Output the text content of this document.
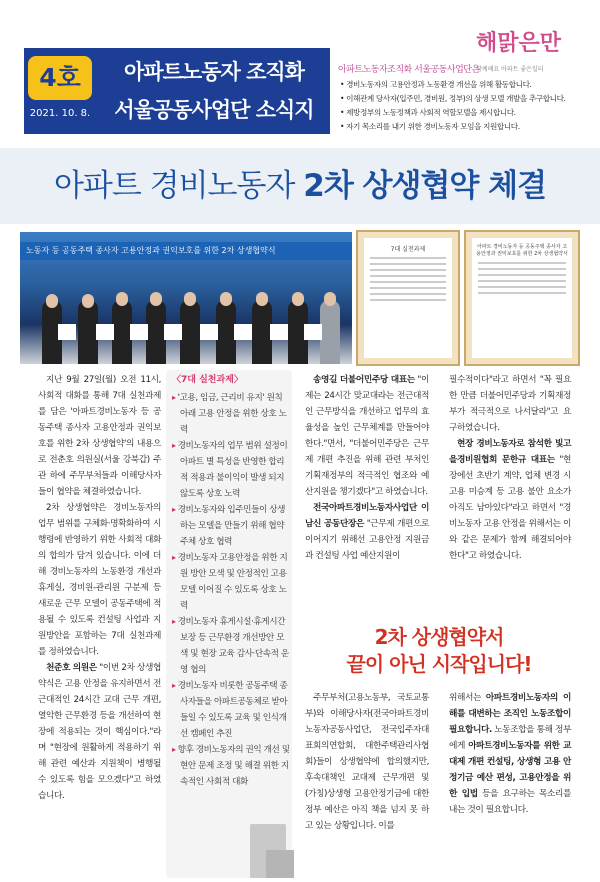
4호
2021. 10. 8.
아파트노동자 조직화
서울공동사업단 소식지
아파트노동자조직화 서울공동사업단은
해맑은만
함께해요 아파트 좋은일터
• 경비노동자의 고용안정과 노동환경 개선을 위해 활동합니다.
• 이해관계 당사자(입주민, 경비원, 정부)의 상생 모델 개발을 추구합니다.
• 제방정부의 노동정책과 사회적 역할모델을 제시합니다.
• 자기 목소리를 내기 위한 경비노동자 모임을 지원합니다.
아파트 경비노동자 2차 상생협약 체결
노동자 등 공동주택 종사자 고용안정과 권익보호를 위한 2차 상생협약식	7대 실천과제	아파트 경비노동자 등 공동주택 종사자 고용안정과 권익보호를 위한 2차 상생협약서

지난 9월 27일(월) 오전 11시, 사회적 대화를 통해 7대 실천과제를 담은 '아파트경비노동자 등 공동주택 종사자 고용안정과 권익보호를 위한 2차 상생협약'의 내용으로 전춘호 의원실(서울 강북갑) 주관 하에 주무부처들과 이해당사자들이 협약을 체결하였습니다.

2차 상생협약은 경비노동자의 업무 범위를 구체화·명확화하여 시행령에 반영하기 위한 사회적 대화의 합의가 담겨 있습니다. 이에 더해 경비노동자의 노동환경 개선과 휴게실, 경비원-관리원 구분제 등 새로운 근무 모델이 공동주택에 적용될 수 있도록 컨설팅 사업과 지원방안을 포함하는 7대 실천과제를 정하였습니다.

천준호 의원은 "이번 2차 상생협약식은 고용 안정을 유지하면서 전근대적인 24시간 교대 근무 개편, 열악한 근무환경 등을 개선하여 현장에 적용되는 것이 핵심이다."라며 "현장에 원활하게 적용하기 위해 관련 예산과 지원책이 병행될 수 있도록 힘을 모으겠다"고 하였습니다.

〈7대 실천과제〉
▸ '고용, 임금, 근리비 유지' 원칙 아래 고용 안정을 위한 상호 노력
▸ 경비노동자의 업무 범위 설정이 아파트 별 특성을 반영한 합리적 적용과 불이익이 발생 되지 않도록 상호 노력
▸ 경비노동자와 입주민들이 상생하는 모델을 만들기 위해 협약 주체 상호 협력
▸ 경비노동자 고용안정을 위한 지원 방안 모색 및 안정적인 고용 모델 이어질 수 있도록 상호 노력
▸ 경비노동자 휴게시설·휴게시간 보장 등 근무환경 개선방안 모색 및 현장 교육 감사·단속적 운영 협의
▸ 경비노동자 비롯한 공동주택 종사자들을 아파트공동체로 받아들일 수 있도록 교육 및 인식개선 캠페인 추진
▸ 향후 경비노동자의 권익 개선 및 현안 문제 조정 및 해결 위한 지속적인 사회적 대화

송영길 더불어민주당 대표는 "이제는 24시간 맞교대라는 전근대적인 근무방식을 개선하고 업무의 효율성을 높인 근무체계를 만들어야 한다."면서, "더불어민주당은 근무제 개편 추진을 위해 관련 부처인 기획재정부의 적극적인 협조와 예산지원을 챙기겠다"고 하였습니다.

전국아파트경비노동자사업단 이남신 공동단장은 "근무제 개편으로 이어지기 위해선 고용안정 지원금과 컨설팅 사업 예산지원이

필수적이다"라고 하면서 "꼭 필요한 만큼 더불어민주당과 기획재정부가 적극적으로 나서달라"고 요구하였습니다.

현장 경비노동자로 참석한 빛고을경비원협회 문한규 대표는 "현장에선 초반기 계약, 업체 변경 시 고용 미승계 등 고용 불안 요소가 아직도 남아있다"라고 하면서 "경비노동자 고용 안정을 위해서는 이와 같은 문제가 함께 해결되어야 한다"고 하였습니다.

2차 상생협약서
끝이 아닌 시작입니다!

주무부처(고용노동부, 국토교통부)와 이해당사자(전국아파트경비노동자공동사업단, 전국입주자대표회의연합회, 대한주택관리사협회)들이 상생협약에 합의했지만, 후속대책인 교대제 근무개편 및 (가칭)상생형 고용안정기금에 대한 정부 예산은 아직 책을 넘지 못 하고 있는 상황입니다. 이를

위해서는 아파트경비노동자의 이해를 대변하는 조직인 노동조합이 필요합니다. 노동조합을 통해 정부에게 아파트경비노동자를 위한 교대제 개편 컨설팅, 상생형 고용 안정기금 예산 편성, 고용안정을 위한 입법 등을 요구하는 목소리를 내는 것이 필요합니다.
